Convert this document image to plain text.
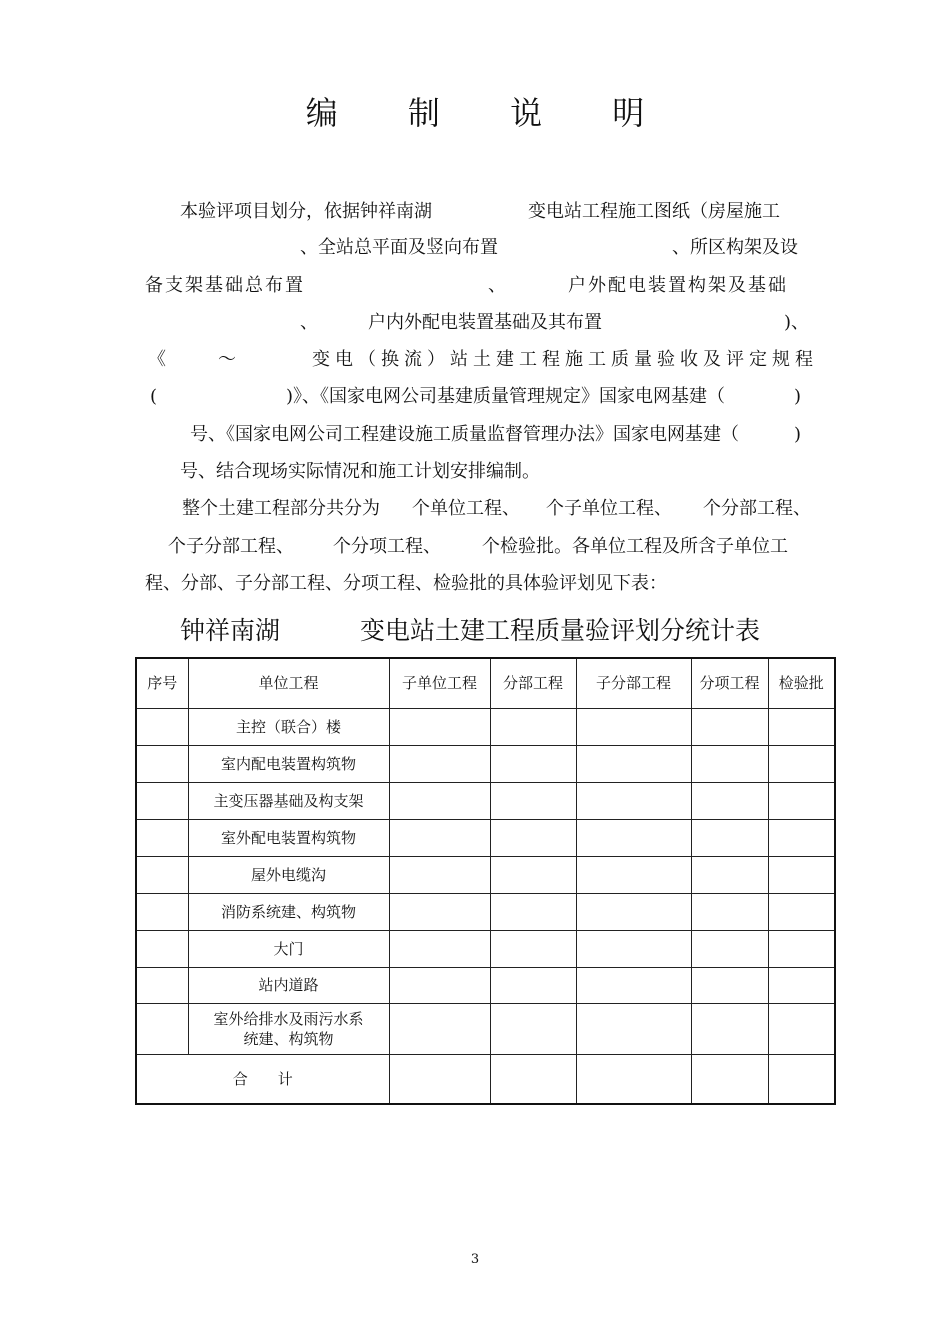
编 制 说 明
本验评项目划分，依据钟祥南湖	变电站工程施工图纸（房屋施工
、全站总平面及竖向布置	、所区构架及设
备支架基础总布置	、	户外配电装置构架及基础
、	户内外配电装置基础及其布置	)、
《	～	变电（换流）站土建工程施工质量验收及评定规程
(	)》、《国家电网公司基建质量管理规定》国家电网基建（	)
号、《国家电网公司工程建设施工质量监督管理办法》国家电网基建（	)
号、结合现场实际情况和施工计划安排编制。
整个土建工程部分共分为 个单位工程、 个子单位工程、 个分部工程、
个子分部工程、 个分项工程、 个检验批。各单位工程及所含子单位工
程、分部、子分部工程、分项工程、检验批的具体验评划见下表：
钟祥南湖	变电站土建工程质量验评划分统计表
序号	单位工程	子单位工程	分部工程	子分部工程	分项工程	检验批
	主控（联合）楼					
	室内配电装置构筑物					
	主变压器基础及构支架					
	室外配电装置构筑物					
	屋外电缆沟					
	消防系统建、构筑物					
	大门					
	站内道路					

	室外给排水及雨污水系
统建、构筑物					

合　　计						
3
